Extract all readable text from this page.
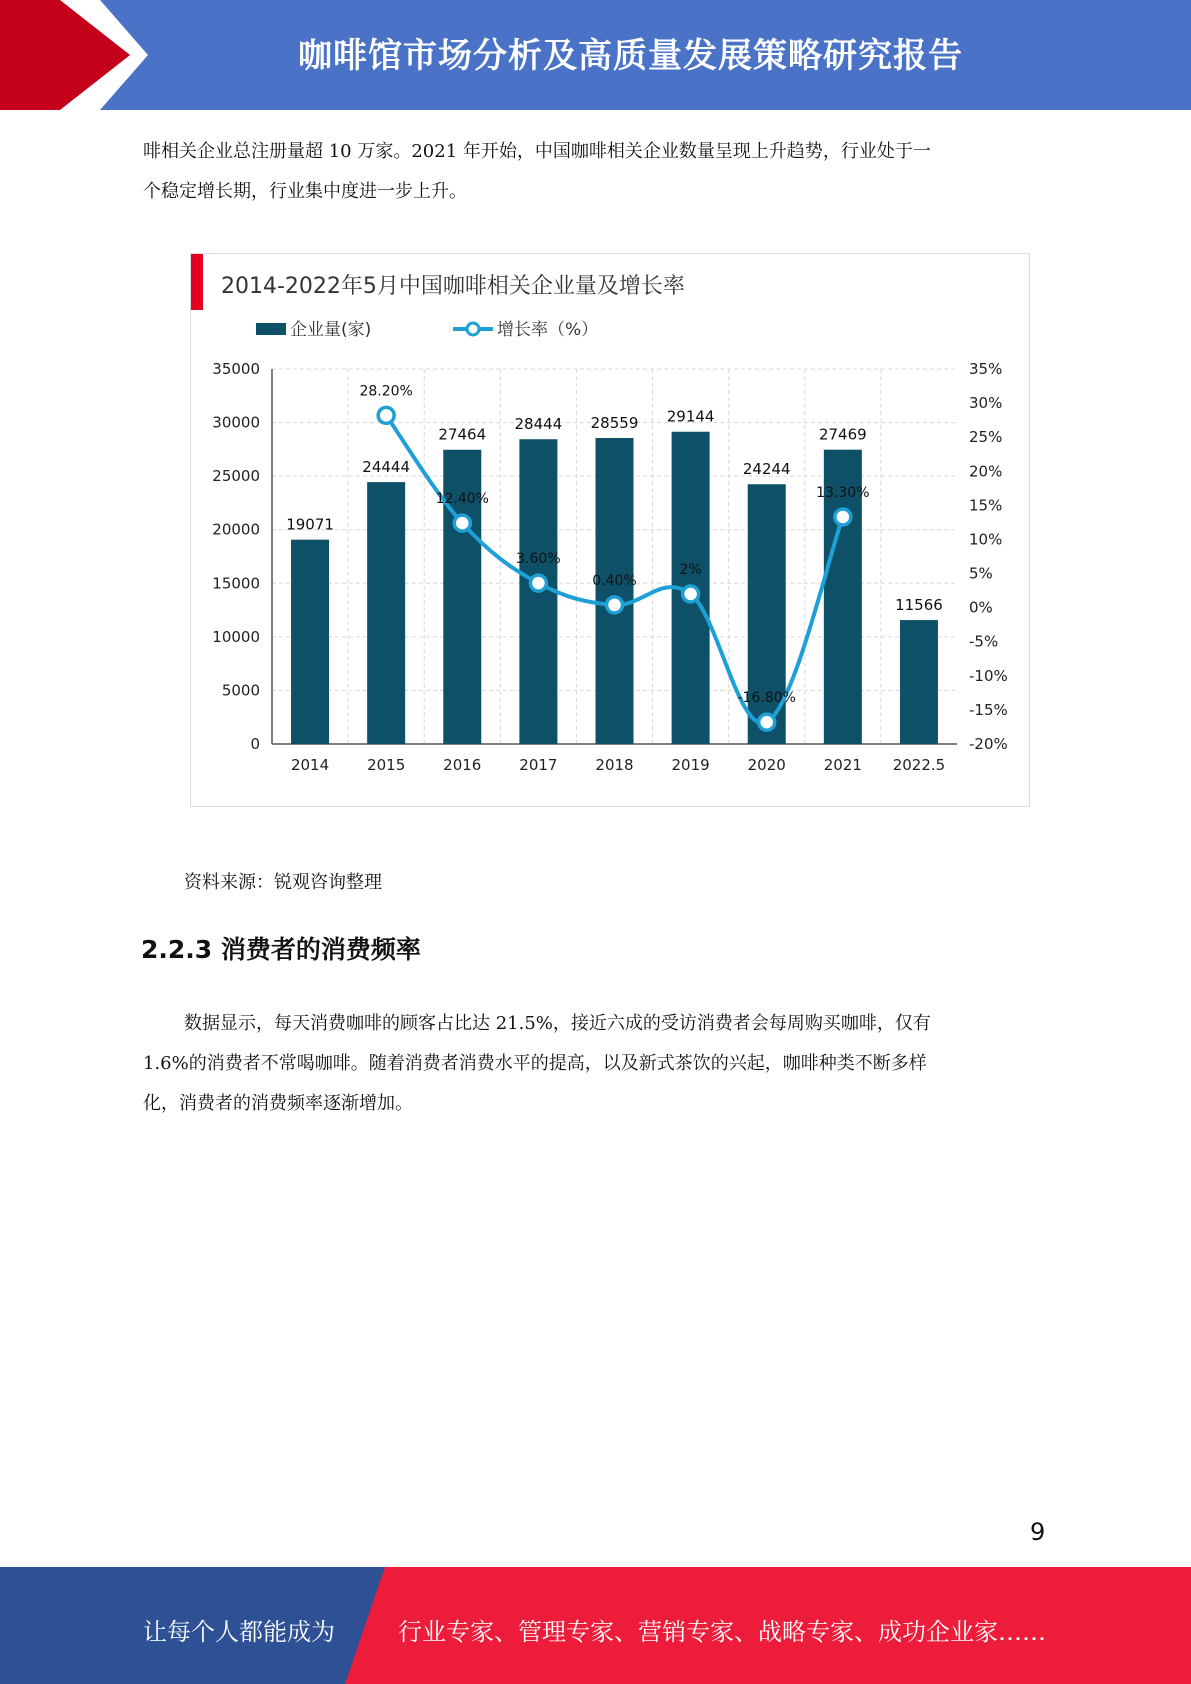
咖啡馆市场分析及高质量发展策略研究报告

啡相关企业总注册量超 10 万家。2021 年开始，中国咖啡相关企业数量呈现上升趋势，行业处于一
个稳定增长期，行业集中度进一步上升。

2014-2022年5月中国咖啡相关企业量及增长率
企业量(家)	增长率（%）
0
5000
10000
15000
20000
25000
30000
35000
-20%
-15%
-10%
-5%
0%
5%
10%
15%
20%
25%
30%
35%
19071
2014
24444
2015
27464
2016
28444
2017
28559
2018
29144
2019
24244
2020
27469
2021
11566
2022.5
28.20%
12.40%
3.60%
0.40%
2%
-16.80%
13.30%
资料来源：锐观咨询整理
2.2.3 消费者的消费频率

数据显示，每天消费咖啡的顾客占比达 21.5%，接近六成的受访消费者会每周购买咖啡，仅有
1.6%的消费者不常喝咖啡。随着消费者消费水平的提高，以及新式茶饮的兴起，咖啡种类不断多样
化，消费者的消费频率逐渐增加。

9
让每个人都能成为	行业专家、管理专家、营销专家、战略专家、成功企业家……
